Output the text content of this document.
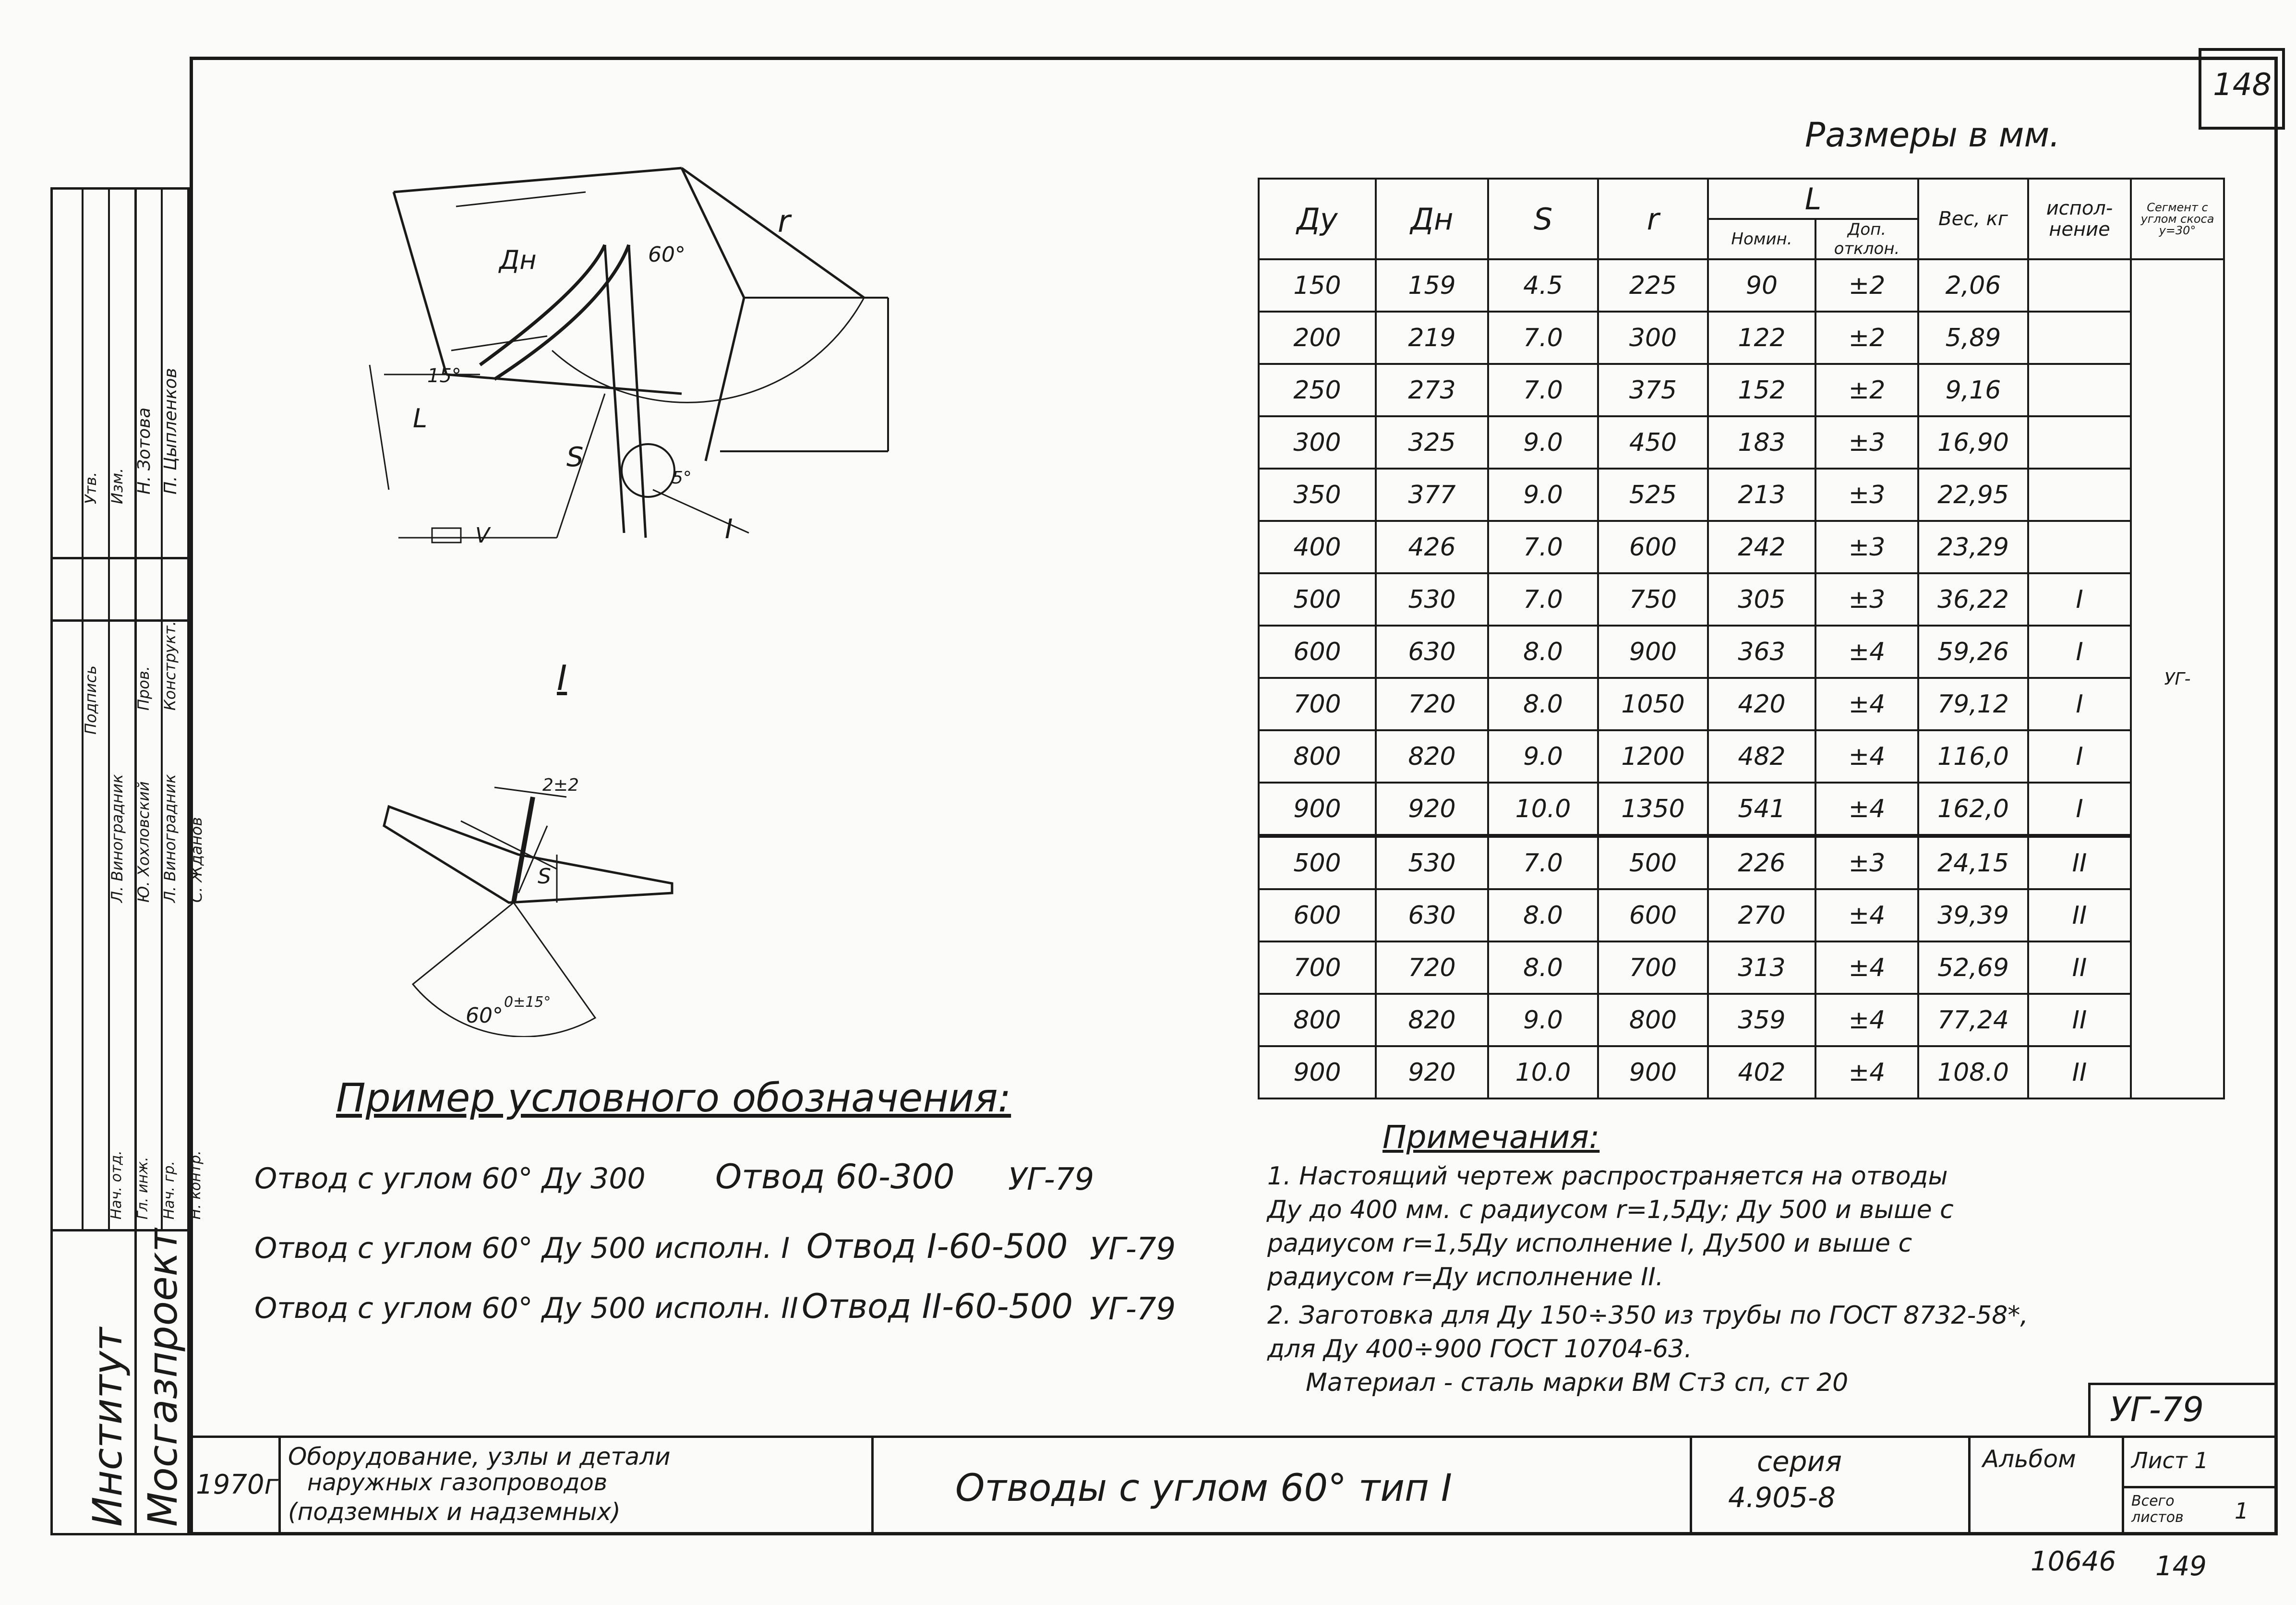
148
Нач. отд. Гл. инж. Нач. гр. Н. контр.
Л. Виноградник Ю. Хохловский Л. Виноградник С. Жданов
Н. Зотова П. Цыпленков
Подпись Пров. Конструкт.
Утв. Изм.
Институт Мосгазпроект
Размеры в мм.
Дн	60°
r
15°
L
S
5°
I
V
I
2±2
S
60°
0±15°
Ду	Дн	S	r	L		Вес, кг	испол- нение	Сегмент с углом скоса у=30°
				Номин.	Доп. отклон.			
150	159	4.5	225	90	±2	2,06		УГ-
200	219	7.0	300	122	±2	5,89		
250	273	7.0	375	152	±2	9,16		
300	325	9.0	450	183	±3	16,90		
350	377	9.0	525	213	±3	22,95		
400	426	7.0	600	242	±3	23,29		
500	530	7.0	750	305	±3	36,22	I	
600	630	8.0	900	363	±4	59,26	I	
700	720	8.0	1050	420	±4	79,12	I	
800	820	9.0	1200	482	±4	116,0	I	
900	920	10.0	1350	541	±4	162,0	I	
500	530	7.0	500	226	±3	24,15	II	
600	630	8.0	600	270	±4	39,39	II	
700	720	8.0	700	313	±4	52,69	II	
800	820	9.0	800	359	±4	77,24	II	
900	920	10.0	900	402	±4	108.0	II	
Пример условного обозначения:
Отвод с углом 60° Ду 300 Отвод 60-300 УГ-79
Отвод с углом 60° Ду 500 исполн. I Отвод I-60-500 УГ-79
Отвод с углом 60° Ду 500 исполн. II Отвод II-60-500 УГ-79
Примечания:
1. Настоящий чертеж распространяется на отводы
Ду до 400 мм. с радиусом r=1,5Ду; Ду 500 и выше с
радиусом r=1,5Ду исполнение I, Ду500 и выше с
радиусом r=Ду исполнение II.
2. Заготовка для Ду 150÷350 из трубы по ГОСТ 8732-58*,
для Ду 400÷900 ГОСТ 10704-63.
Материал - сталь марки ВМ Ст3 сп, ст 20
УГ-79
1970г
Оборудование, узлы и детали
наружных газопроводов
(подземных и надземных)
Отводы с углом 60° тип I
серия
4.905-8
Альбом	Лист 1
Всего листов	1
10646 149
